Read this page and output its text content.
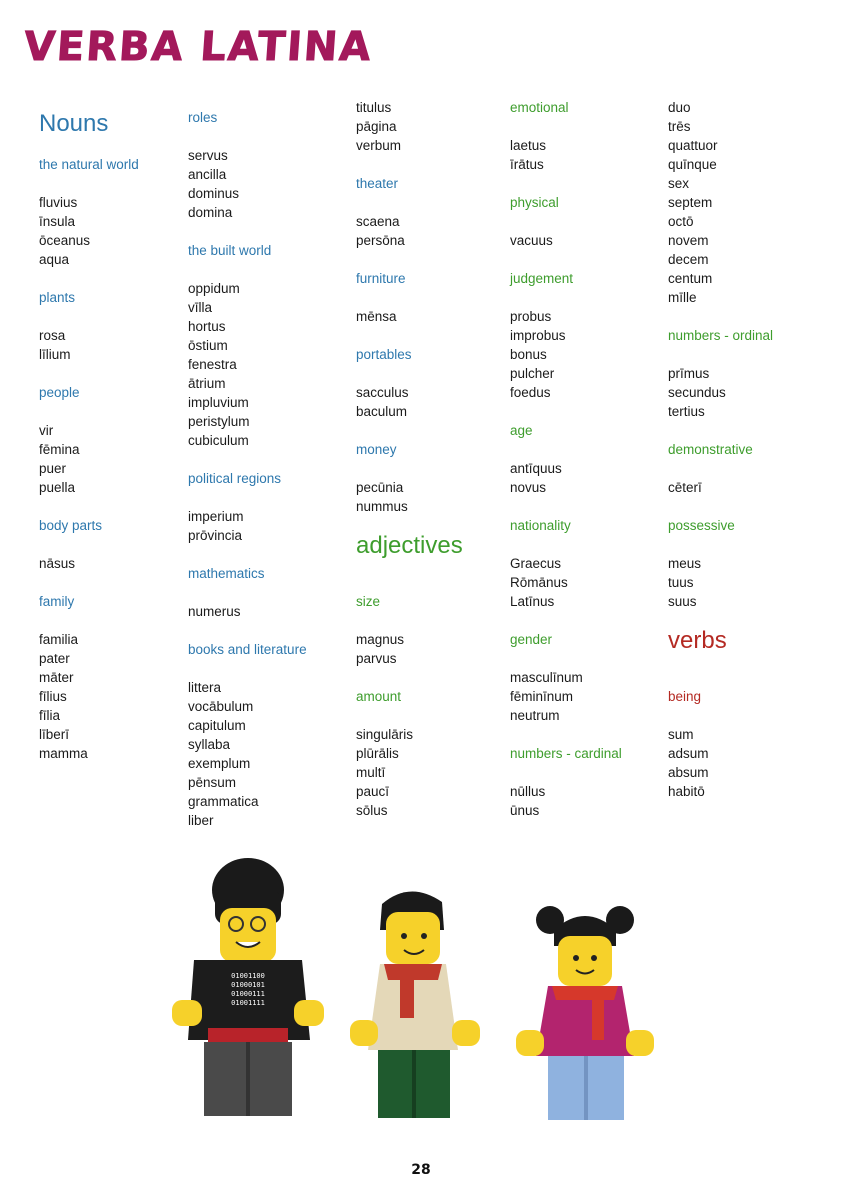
VERBA LATINA
Nouns
the natural world
fluvius
īnsula
ōceanus
aqua
plants
rosa
līlium
people
vir
fēmina
puer
puella
body parts
nāsus
family
familia
pater
māter
fīlius
fīlia
līberī
mamma
roles
servus
ancilla
dominus
domina
the built world
oppidum
vīlla
hortus
ōstium
fenestra
ātrium
impluvium
peristylum
cubiculum
political regions
imperium
prōvincia
mathematics
numerus
books and literature
littera
vocābulum
capitulum
syllaba
exemplum
pēnsum
grammatica
liber
titulus
pāgina
verbum
theater
scaena
persōna
furniture
mēnsa
portables
sacculus
baculum
money
pecūnia
nummus
adjectives
size
magnus
parvus
amount
singulāris
plūrālis
multī
paucī
sōlus
emotional
laetus
īrātus
physical
vacuus
judgement
probus
improbus
bonus
pulcher
foedus
age
antīquus
novus
nationality
Graecus
Rōmānus
Latīnus
gender
masculīnum
fēminīnum
neutrum
numbers - cardinal
nūllus
ūnus
duo
trēs
quattuor
quīnque
sex
septem
octō
novem
decem
centum
mīlle
numbers - ordinal
prīmus
secundus
tertius
demonstrative
cēterī
possessive
meus
tuus
suus
verbs
being
sum
adsum
absum
habitō
01001100
01000101
01000111
01001111
28
